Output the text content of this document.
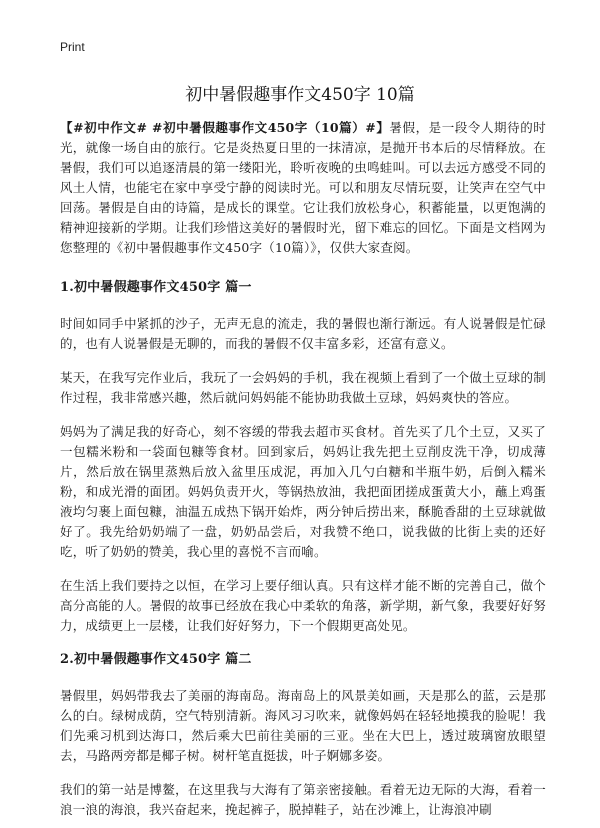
Print
初中暑假趣事作文450字 10篇

【#初中作文# #初中暑假趣事作文450字（10篇）#】暑假，是一段令人期待的时光，就像一场自由的旅行。它是炎热夏日里的一抹清凉，是抛开书本后的尽情释放。在暑假，我们可以追逐清晨的第一缕阳光，聆听夜晚的虫鸣蛙叫。可以去远方感受不同的风土人情，也能宅在家中享受宁静的阅读时光。可以和朋友尽情玩耍，让笑声在空气中回荡。暑假是自由的诗篇，是成长的课堂。它让我们放松身心，积蓄能量，以更饱满的精神迎接新的学期。让我们珍惜这美好的暑假时光，留下难忘的回忆。下面是文档网为您整理的《初中暑假趣事作文450字（10篇）》，仅供大家查阅。

1.初中暑假趣事作文450字 篇一

时间如同手中紧抓的沙子，无声无息的流走，我的暑假也渐行渐远。有人说暑假是忙碌的，也有人说暑假是无聊的，而我的暑假不仅丰富多彩，还富有意义。

某天，在我写完作业后，我玩了一会妈妈的手机，我在视频上看到了一个做土豆球的制作过程，我非常感兴趣，然后就问妈妈能不能协助我做土豆球，妈妈爽快的答应。

妈妈为了满足我的好奇心，刻不容缓的带我去超市买食材。首先买了几个土豆，又买了一包糯米粉和一袋面包糠等食材。回到家后，妈妈让我先把土豆削皮洗干净，切成薄片，然后放在锅里蒸熟后放入盆里压成泥，再加入几勺白糖和半瓶牛奶，后倒入糯米粉，和成光滑的面团。妈妈负责开火，等锅热放油，我把面团搓成蛋黄大小，蘸上鸡蛋液均匀裹上面包糠，油温五成热下锅开始炸，两分钟后捞出来，酥脆香甜的土豆球就做好了。我先给奶奶端了一盘，奶奶品尝后，对我赞不绝口，说我做的比街上卖的还好吃，听了奶奶的赞美，我心里的喜悦不言而喻。

在生活上我们要持之以恒，在学习上要仔细认真。只有这样才能不断的完善自己，做个高分高能的人。暑假的故事已经放在我心中柔软的角落，新学期，新气象，我要好好努力，成绩更上一层楼，让我们好好努力，下一个假期更高处见。

2.初中暑假趣事作文450字 篇二

暑假里，妈妈带我去了美丽的海南岛。海南岛上的风景美如画，天是那么的蓝，云是那么的白。绿树成荫，空气特别清新。海风习习吹来，就像妈妈在轻轻地摸我的脸呢！我们先乘习机到达海口，然后乘大巴前往美丽的三亚。坐在大巴上，透过玻璃窗放眼望去，马路两旁都是椰子树。树杆笔直挺拔，叶子婀娜多姿。

我们的第一站是博鳌，在这里我与大海有了第亲密接触。看着无边无际的大海，看着一浪一浪的海浪，我兴奋起来，挽起裤子，脱掉鞋子，站在沙滩上，让海浪冲刷
